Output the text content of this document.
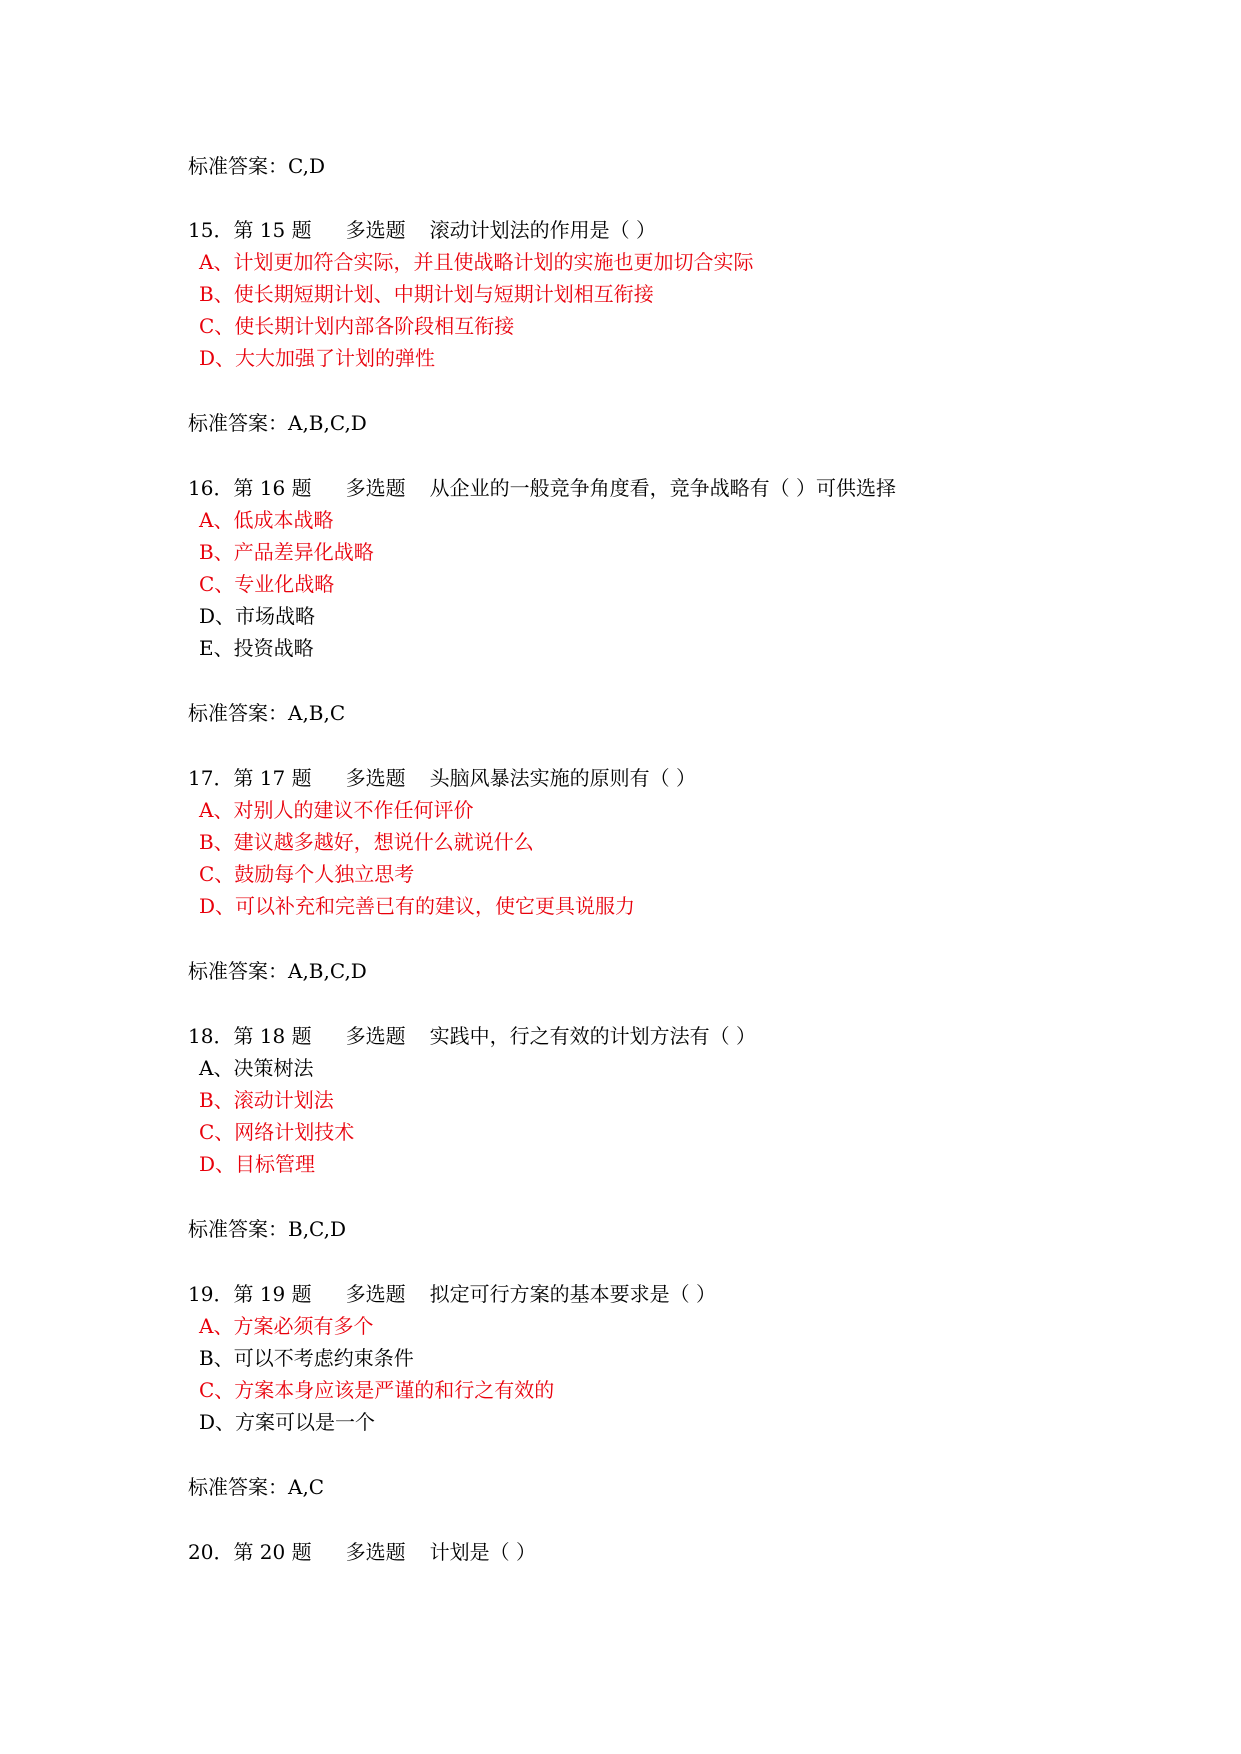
标准答案：C,D
15．第 15 题 多选题 滚动计划法的作用是（ ）
A、计划更加符合实际，并且使战略计划的实施也更加切合实际
B、使长期短期计划、中期计划与短期计划相互衔接
C、使长期计划内部各阶段相互衔接
D、大大加强了计划的弹性
标准答案：A,B,C,D
16．第 16 题 多选题 从企业的一般竞争角度看，竞争战略有（ ）可供选择
A、低成本战略
B、产品差异化战略
C、专业化战略
D、市场战略
E、投资战略
标准答案：A,B,C
17．第 17 题 多选题 头脑风暴法实施的原则有（ ）
A、对别人的建议不作任何评价
B、建议越多越好，想说什么就说什么
C、鼓励每个人独立思考
D、可以补充和完善已有的建议，使它更具说服力
标准答案：A,B,C,D
18．第 18 题 多选题 实践中，行之有效的计划方法有（ ）
A、决策树法
B、滚动计划法
C、网络计划技术
D、目标管理
标准答案：B,C,D
19．第 19 题 多选题 拟定可行方案的基本要求是（ ）
A、方案必须有多个
B、可以不考虑约束条件
C、方案本身应该是严谨的和行之有效的
D、方案可以是一个
标准答案：A,C
20．第 20 题 多选题 计划是（ ）
